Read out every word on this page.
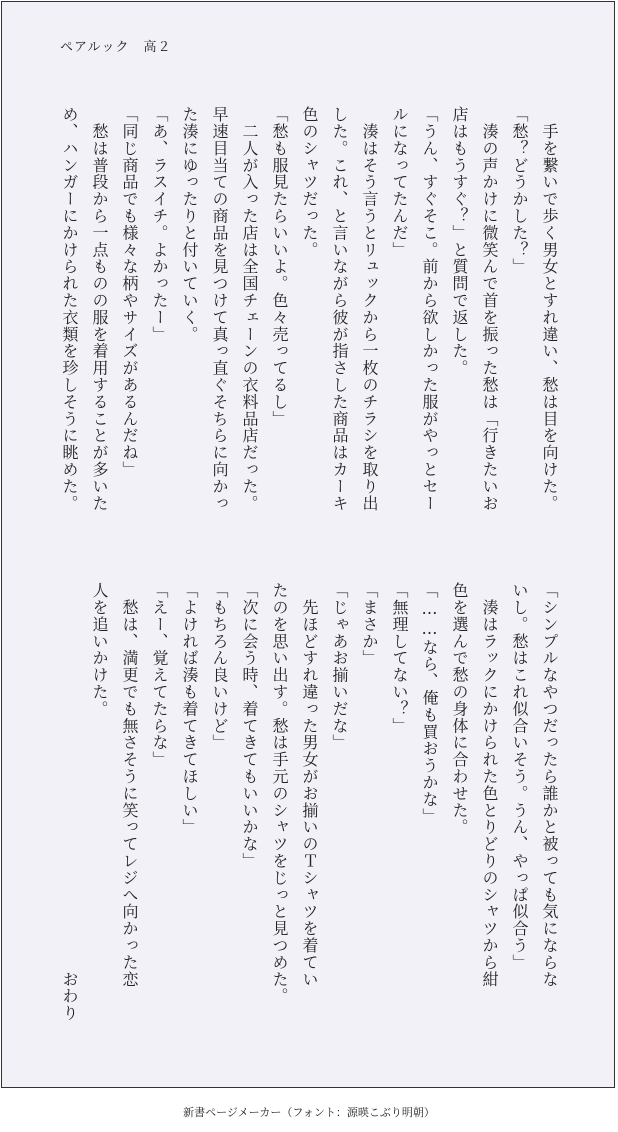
ペアルック　高２
　手を繋いで歩く男女とすれ違い、愁は目を向けた。
「愁？どうかした？」
　湊の声かけに微笑んで首を振った愁は「行きたいお
店はもうすぐ？」と質問で返した。
「うん、すぐそこ。前から欲しかった服がやっとセー
ルになってたんだ」
　湊はそう言うとリュックから一枚のチラシを取り出
した。これ、と言いながら彼が指さした商品はカーキ
色のシャツだった。
「愁も服見たらいいよ。色々売ってるし」
　二人が入った店は全国チェーンの衣料品店だった。
早速目当ての商品を見つけて真っ直ぐそちらに向かっ
た湊にゆったりと付いていく。
「あ、ラスイチ。よかったー」
「同じ商品でも様々な柄やサイズがあるんだね」
　愁は普段から一点ものの服を着用することが多いた
め、ハンガーにかけられた衣類を珍しそうに眺めた。
「シンプルなやつだったら誰かと被っても気にならな
いし。愁はこれ似合いそう。うん、やっぱ似合う」
　湊はラックにかけられた色とりどりのシャツから紺
色を選んで愁の身体に合わせた。
「……なら、俺も買おうかな」
「無理してない？」
「まさか」
「じゃあお揃いだな」
　先ほどすれ違った男女がお揃いのＴシャツを着てい
たのを思い出す。愁は手元のシャツをじっと見つめた。
「次に会う時、着てきてもいいかな」
「もちろん良いけど」
「よければ湊も着てきてほしい」
「えー、覚えてたらな」
　愁は、満更でも無さそうに笑ってレジへ向かった恋
人を追いかけた。
　　　　　　　　　　　　　　　　　　　　　　　おわり
新書ページメーカー（フォント：源暎こぶり明朝）
